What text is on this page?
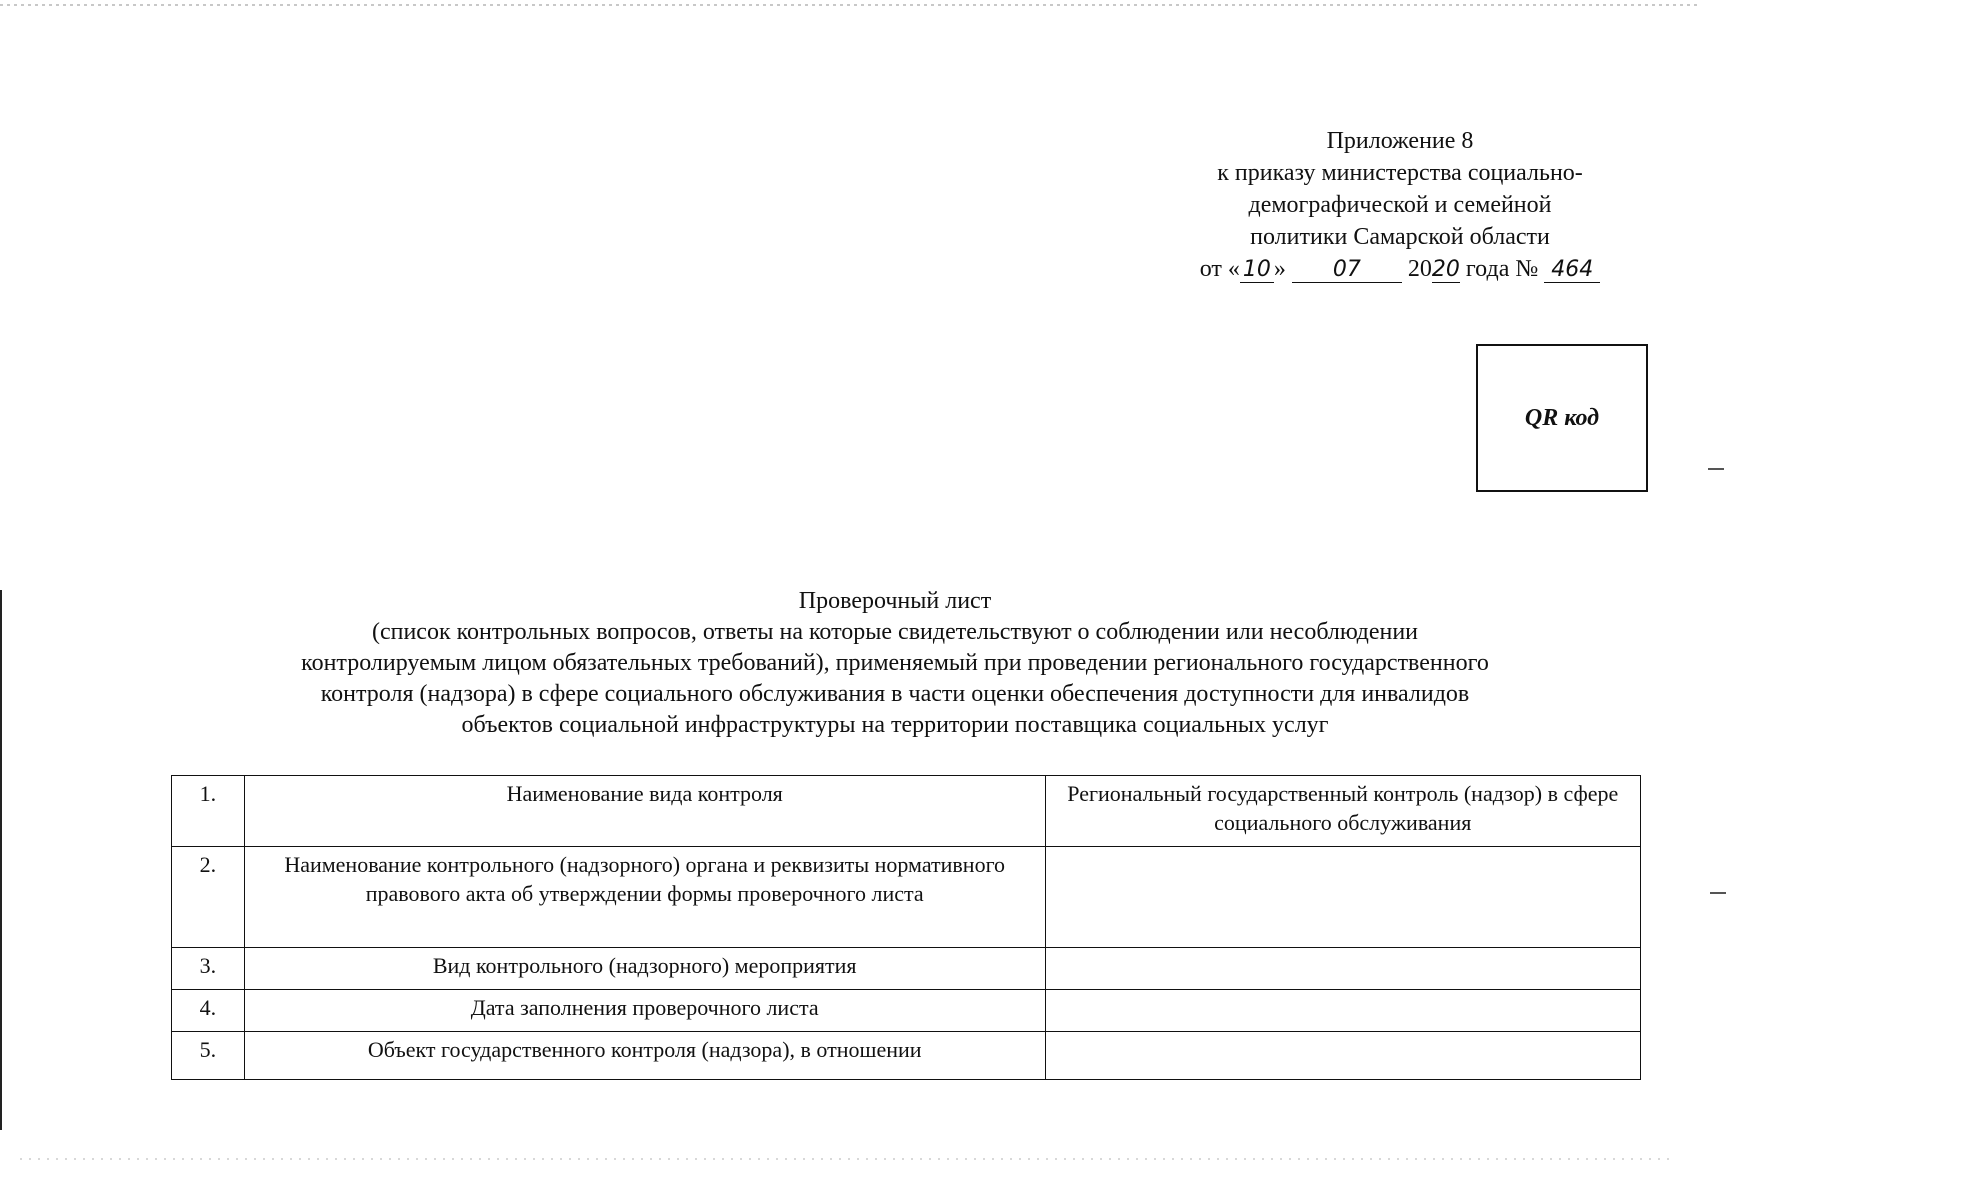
Приложение 8
к приказу министерства социально-
демографической и семейной
политики Самарской области
от « 10 » 07 2020 года № 464
QR код
Проверочный лист
(список контрольных вопросов, ответы на которые свидетельствуют о соблюдении или несоблюдении
контролируемым лицом обязательных требований), применяемый при проведении регионального государственного
контроля (надзора) в сфере социального обслуживания в части оценки обеспечения доступности для инвалидов
объектов социальной инфраструктуры на территории поставщика социальных услуг
1.	Наименование вида контроля	Региональный государственный контроль (надзор) в сфере социального обслуживания
2.	Наименование контрольного (надзорного) органа и реквизиты нормативного правового акта об утверждении формы проверочного листа	
3.	Вид контрольного (надзорного) мероприятия	
4.	Дата заполнения проверочного листа	
5.	Объект государственного контроля (надзора), в отношении	
